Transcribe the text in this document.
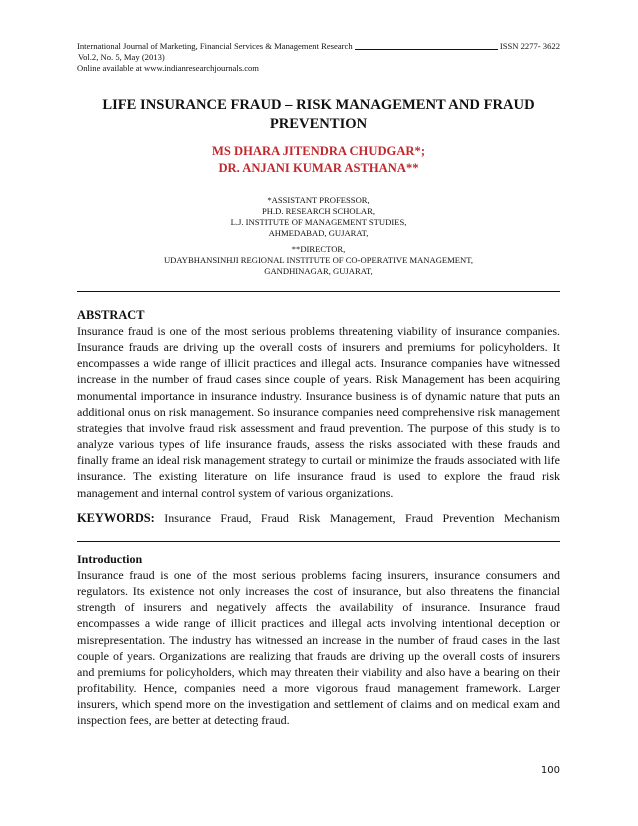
International Journal of Marketing, Financial Services & Management Research	ISSN 2277- 3622
Vol.2, No. 5, May (2013)
Online available at www.indianresearchjournals.com
LIFE INSURANCE FRAUD – RISK MANAGEMENT AND FRAUD
PREVENTION
MS DHARA JITENDRA CHUDGAR*;
DR. ANJANI KUMAR ASTHANA**
*ASSISTANT PROFESSOR,
PH.D. RESEARCH SCHOLAR,
L.J. INSTITUTE OF MANAGEMENT STUDIES,
AHMEDABAD, GUJARAT,
**DIRECTOR,
UDAYBHANSINHJI REGIONAL INSTITUTE OF CO-OPERATIVE MANAGEMENT,
GANDHINAGAR, GUJARAT,
ABSTRACT

Insurance fraud is one of the most serious problems threatening viability of insurance companies. Insurance frauds are driving up the overall costs of insurers and premiums for policyholders. It encompasses a wide range of illicit practices and illegal acts. Insurance companies have witnessed increase in the number of fraud cases since couple of years. Risk Management has been acquiring monumental importance in insurance industry. Insurance business is of dynamic nature that puts an additional onus on risk management. So insurance companies need comprehensive risk management strategies that involve fraud risk assessment and fraud prevention. The purpose of this study is to analyze various types of life insurance frauds, assess the risks associated with these frauds and finally frame an ideal risk management strategy to curtail or minimize the frauds associated with life insurance. The existing literature on life insurance fraud is used to explore the fraud risk management and internal control system of various organizations.

KEYWORDS: Insurance Fraud, Fraud Risk Management, Fraud Prevention Mechanism
Introduction

Insurance fraud is one of the most serious problems facing insurers, insurance consumers and regulators. Its existence not only increases the cost of insurance, but also threatens the financial strength of insurers and negatively affects the availability of insurance. Insurance fraud encompasses a wide range of illicit practices and illegal acts involving intentional deception or misrepresentation. The industry has witnessed an increase in the number of fraud cases in the last couple of years. Organizations are realizing that frauds are driving up the overall costs of insurers and premiums for policyholders, which may threaten their viability and also have a bearing on their profitability. Hence, companies need a more vigorous fraud management framework. Larger insurers, which spend more on the investigation and settlement of claims and on medical exam and inspection fees, are better at detecting fraud.

100
